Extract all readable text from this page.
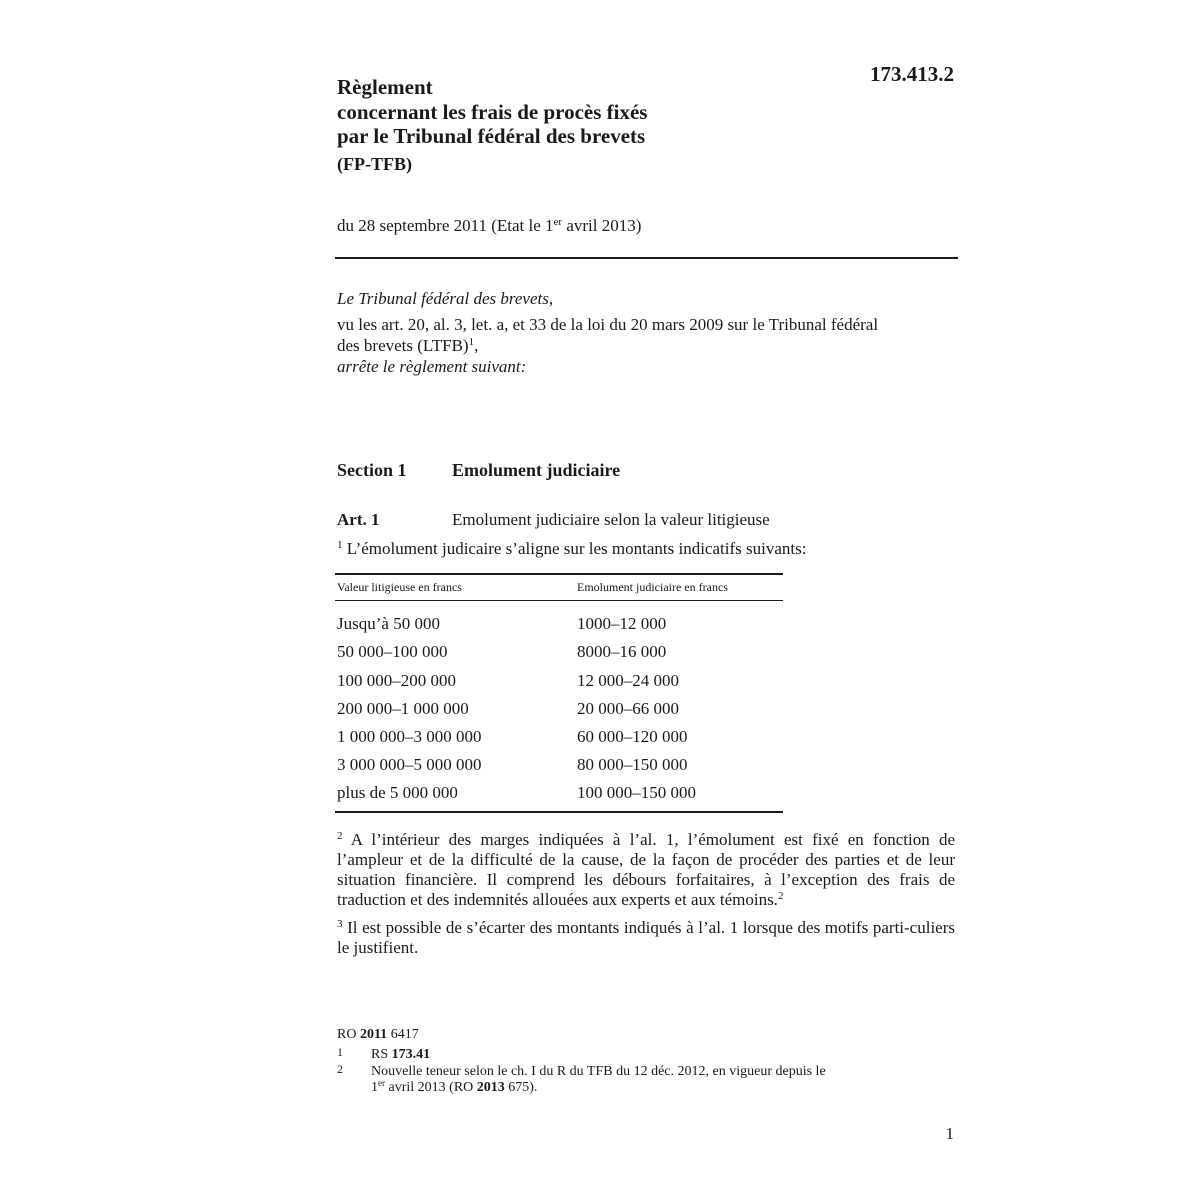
173.413.2
Règlement
concernant les frais de procès fixés
par le Tribunal fédéral des brevets
(FP-TFB)
du 28 septembre 2011 (Etat le 1er avril 2013)
Le Tribunal fédéral des brevets,
vu les art. 20, al. 3, let. a, et 33 de la loi du 20 mars 2009 sur le Tribunal fédéral
des brevets (LTFB)$^1$,
arrête le règlement suivant:
Section 1	Emolument judiciaire
Art. 1	Emolument judiciaire selon la valeur litigieuse
$^1$ L’émolument judicaire s’aligne sur les montants indicatifs suivants:
Valeur litigieuse en francs	Emolument judiciaire en francs
Jusqu’à 50 000	1000–12 000
50 000–100 000	8000–16 000
100 000–200 000	12 000–24 000
200 000–1 000 000	20 000–66 000
1 000 000–3 000 000	60 000–120 000
3 000 000–5 000 000	80 000–150 000
plus de 5 000 000	100 000–150 000
$^2$ A l’intérieur des marges indiquées à l’al. 1, l’émolument est fixé en fonction de l’ampleur et de la difficulté de la cause, de la façon de procéder des parties et de leur situation financière. Il comprend les débours forfaitaires, à l’exception des frais de traduction et des indemnités allouées aux experts et aux témoins.$^2$
$^3$ Il est possible de s’écarter des montants indiqués à l’al. 1 lorsque des motifs parti-culiers le justifient.
RO 2011 6417
1 RS 173.41
2 Nouvelle teneur selon le ch. I du R du TFB du 12 déc. 2012, en vigueur depuis le
1er avril 2013 (RO 2013 675).
1
